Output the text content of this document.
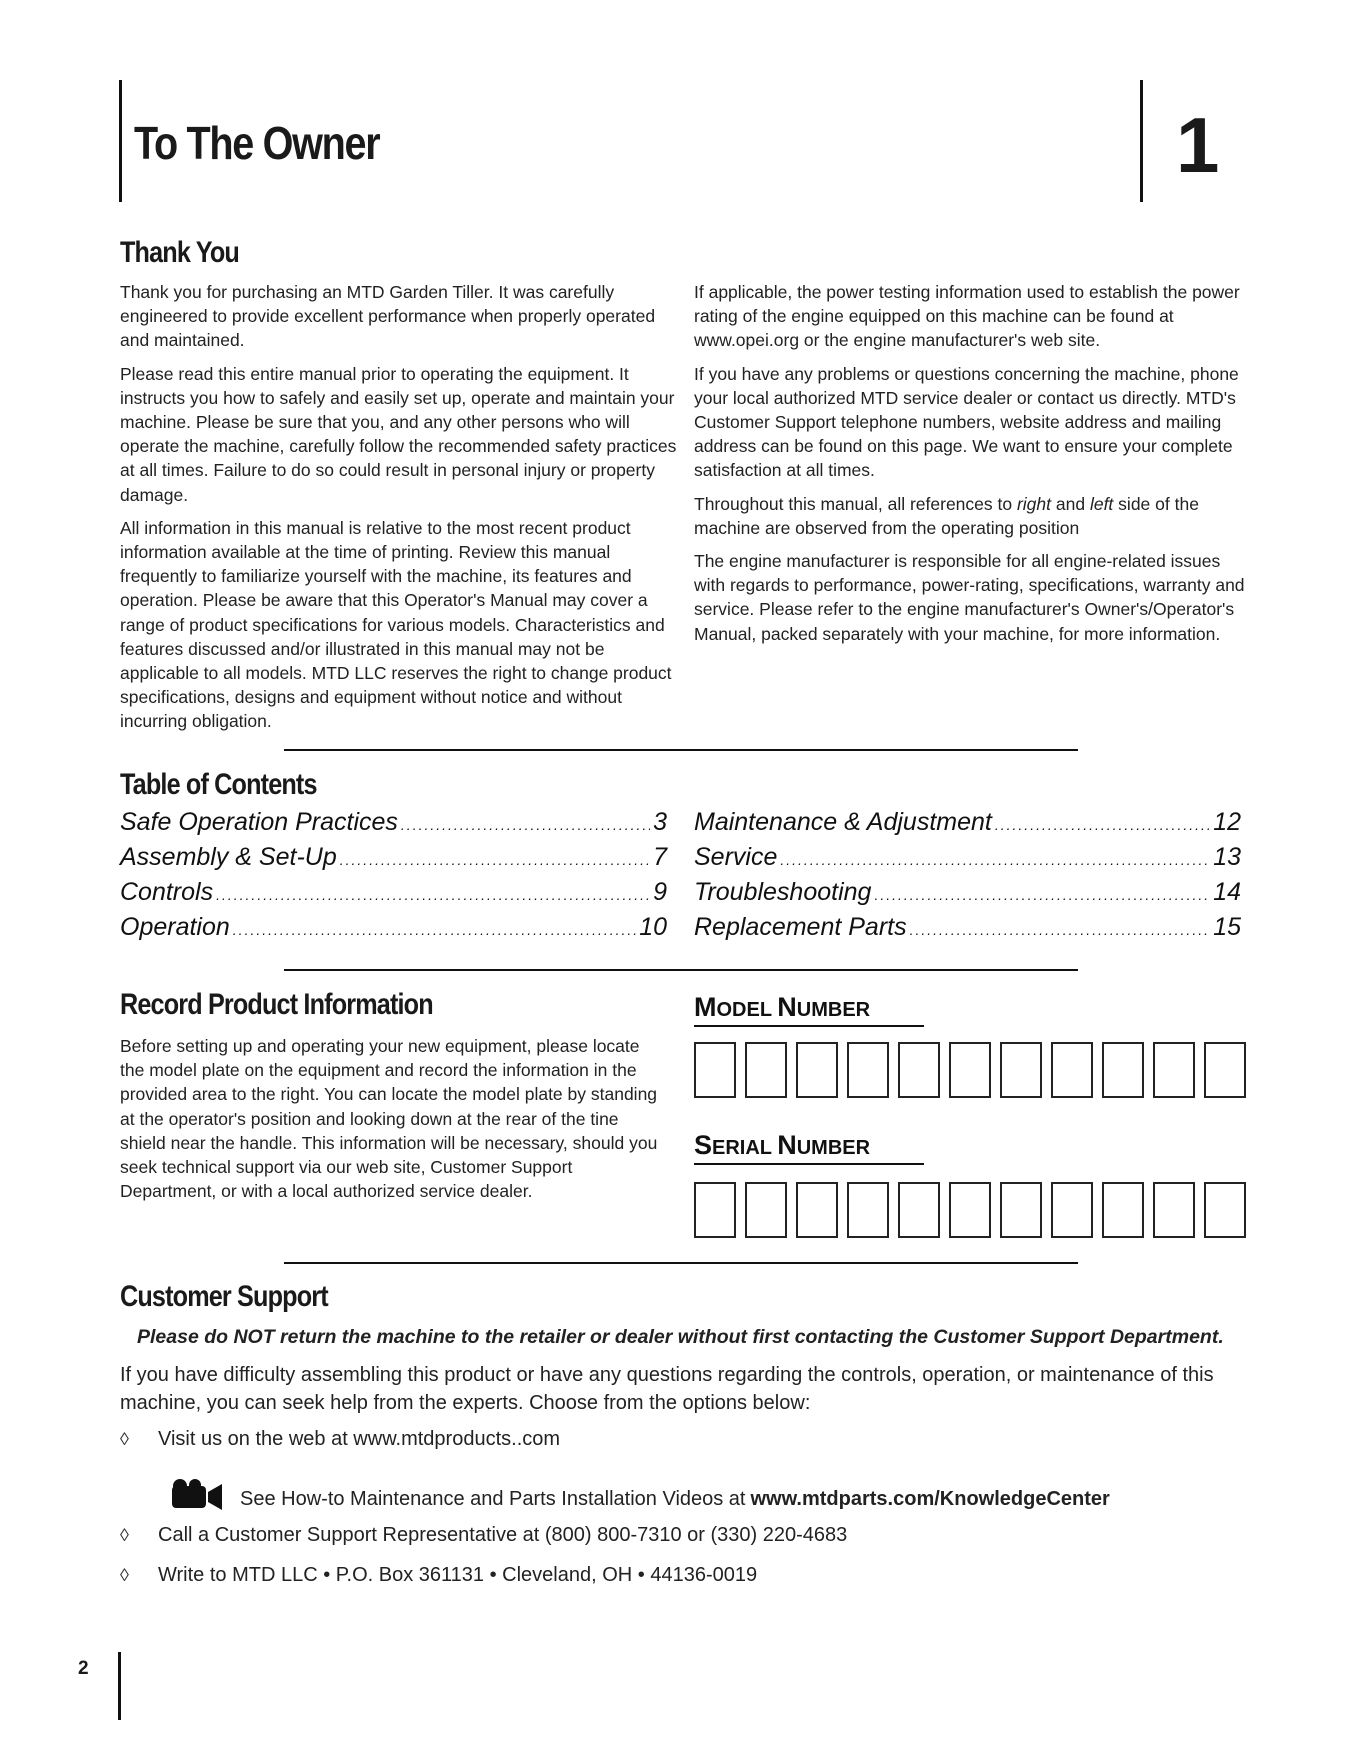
To The Owner	1
Thank You

Thank you for purchasing an MTD Garden Tiller. It was carefully engineered to provide excellent performance when properly operated and maintained.

Please read this entire manual prior to operating the equipment. It instructs you how to safely and easily set up, operate and maintain your machine. Please be sure that you, and any other persons who will operate the machine, carefully follow the recommended safety practices at all times. Failure to do so could result in personal injury or property damage.

All information in this manual is relative to the most recent product information available at the time of printing. Review this manual frequently to familiarize yourself with the machine, its features and operation. Please be aware that this Operator's Manual may cover a range of product specifications for various models. Characteristics and features discussed and/or illustrated in this manual may not be applicable to all models. MTD LLC reserves the right to change product specifications, designs and equipment without notice and without incurring obligation.

If applicable, the power testing information used to establish the power rating of the engine equipped on this machine can be found at www.opei.org or the engine manufacturer's web site.

If you have any problems or questions concerning the machine, phone your local authorized MTD service dealer or contact us directly. MTD's Customer Support telephone numbers, website address and mailing address can be found on this page. We want to ensure your complete satisfaction at all times.

Throughout this manual, all references to right and left side of the machine are observed from the operating position

The engine manufacturer is responsible for all engine-related issues with regards to performance, power-rating, specifications, warranty and service. Please refer to the engine manufacturer's Owner's/Operator's Manual, packed separately with your machine, for more information.

Table of Contents
Safe Operation Practices .....	3
Assembly & Set-Up .....	7
Controls .....	9
Operation .....	10
Maintenance & Adjustment .....	12
Service .....	13
Troubleshooting .....	14
Replacement Parts .....	15
Record Product Information

Before setting up and operating your new equipment, please locate the model plate on the equipment and record the information in the provided area to the right. You can locate the model plate by standing at the operator's position and looking down at the rear of the tine shield near the handle. This information will be necessary, should you seek technical support via our web site, Customer Support Department, or with a local authorized service dealer.

MODEL NUMBER
SERIAL NUMBER
Customer Support
Please do NOT return the machine to the retailer or dealer without first contacting the Customer Support Department.
If you have difficulty assembling this product or have any questions regarding the controls, operation, or maintenance of this machine, you can seek help from the experts. Choose from the options below:
◊	Visit us on the web at www.mtdproducts..com
See How-to Maintenance and Parts Installation Videos at www.mtdparts.com/KnowledgeCenter
◊	Call a Customer Support Representative at (800) 800-7310 or (330) 220-4683
◊	Write to MTD LLC • P.O. Box 361131 • Cleveland, OH • 44136-0019
2
